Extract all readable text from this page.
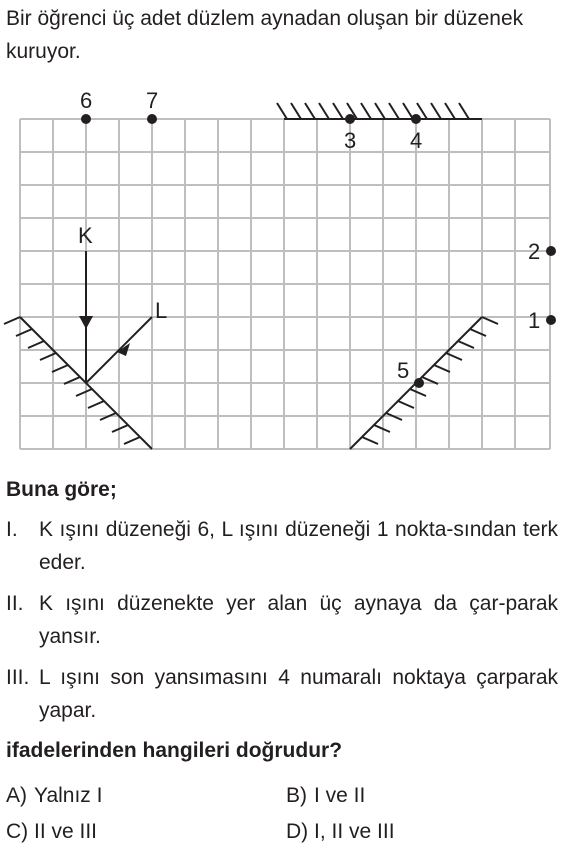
Bir öğrenci üç adet düzlem aynadan oluşan bir düzenek kuruyor.
6 7
3 4
2
1
5
K
L
Buna göre;
I.	K ışını düzeneği 6, L ışını düzeneği 1 nokta-sından terk eder.
II. K ışını düzenekte yer alan üç aynaya da çar-parak yansır.
III. L ışını son yansımasını 4 numaralı noktaya çarparak yapar.
ifadelerinden hangileri doğrudur?
A) Yalnız I	B) I ve II
C) II ve III	D) I, II ve III
